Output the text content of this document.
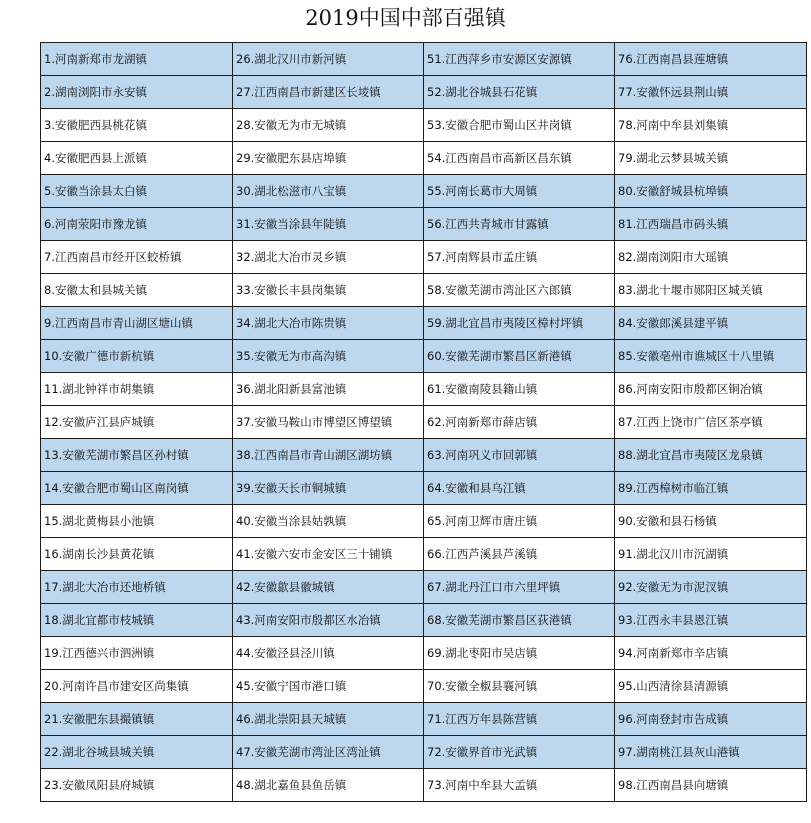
2019中国中部百强镇
1.河南新郑市龙湖镇	26.湖北汉川市新河镇	51.江西萍乡市安源区安源镇	76.江西南昌县莲塘镇
2.湖南浏阳市永安镇	27.江西南昌市新建区长堎镇	52.湖北谷城县石花镇	77.安徽怀远县荆山镇
3.安徽肥西县桃花镇	28.安徽无为市无城镇	53.安徽合肥市蜀山区井岗镇	78.河南中牟县刘集镇
4.安徽肥西县上派镇	29.安徽肥东县店埠镇	54.江西南昌市高新区昌东镇	79.湖北云梦县城关镇
5.安徽当涂县太白镇	30.湖北松滋市八宝镇	55.河南长葛市大周镇	80.安徽舒城县杭埠镇
6.河南荥阳市豫龙镇	31.安徽当涂县年陡镇	56.江西共青城市甘露镇	81.江西瑞昌市码头镇
7.江西南昌市经开区蛟桥镇	32.湖北大冶市灵乡镇	57.河南辉县市孟庄镇	82.湖南浏阳市大瑶镇
8.安徽太和县城关镇	33.安徽长丰县岗集镇	58.安徽芜湖市湾沚区六郎镇	83.湖北十堰市郧阳区城关镇
9.江西南昌市青山湖区塘山镇	34.湖北大冶市陈贵镇	59.湖北宜昌市夷陵区樟村坪镇	84.安徽郎溪县建平镇
10.安徽广德市新杭镇	35.安徽无为市高沟镇	60.安徽芜湖市繁昌区新港镇	85.安徽亳州市谯城区十八里镇
11.湖北钟祥市胡集镇	36.湖北阳新县富池镇	61.安徽南陵县籍山镇	86.河南安阳市殷都区铜冶镇
12.安徽庐江县庐城镇	37.安徽马鞍山市博望区博望镇	62.河南新郑市薛店镇	87.江西上饶市广信区茶亭镇
13.安徽芜湖市繁昌区孙村镇	38.江西南昌市青山湖区湖坊镇	63.河南巩义市回郭镇	88.湖北宜昌市夷陵区龙泉镇
14.安徽合肥市蜀山区南岗镇	39.安徽天长市铜城镇	64.安徽和县乌江镇	89.江西樟树市临江镇
15.湖北黄梅县小池镇	40.安徽当涂县姑孰镇	65.河南卫辉市唐庄镇	90.安徽和县石杨镇
16.湖南长沙县黄花镇	41.安徽六安市金安区三十铺镇	66.江西芦溪县芦溪镇	91.湖北汉川市沉湖镇
17.湖北大冶市还地桥镇	42.安徽歙县徽城镇	67.湖北丹江口市六里坪镇	92.安徽无为市泥汊镇
18.湖北宜都市枝城镇	43.河南安阳市殷都区水冶镇	68.安徽芜湖市繁昌区荻港镇	93.江西永丰县恩江镇
19.江西德兴市泗洲镇	44.安徽泾县泾川镇	69.湖北枣阳市吴店镇	94.河南新郑市辛店镇
20.河南许昌市建安区尚集镇	45.安徽宁国市港口镇	70.安徽全椒县襄河镇	95.山西清徐县清源镇
21.安徽肥东县撮镇镇	46.湖北崇阳县天城镇	71.江西万年县陈营镇	96.河南登封市告成镇
22.湖北谷城县城关镇	47.安徽芜湖市湾沚区湾沚镇	72.安徽界首市光武镇	97.湖南桃江县灰山港镇
23.安徽凤阳县府城镇	48.湖北嘉鱼县鱼岳镇	73.河南中牟县大孟镇	98.江西南昌县向塘镇
